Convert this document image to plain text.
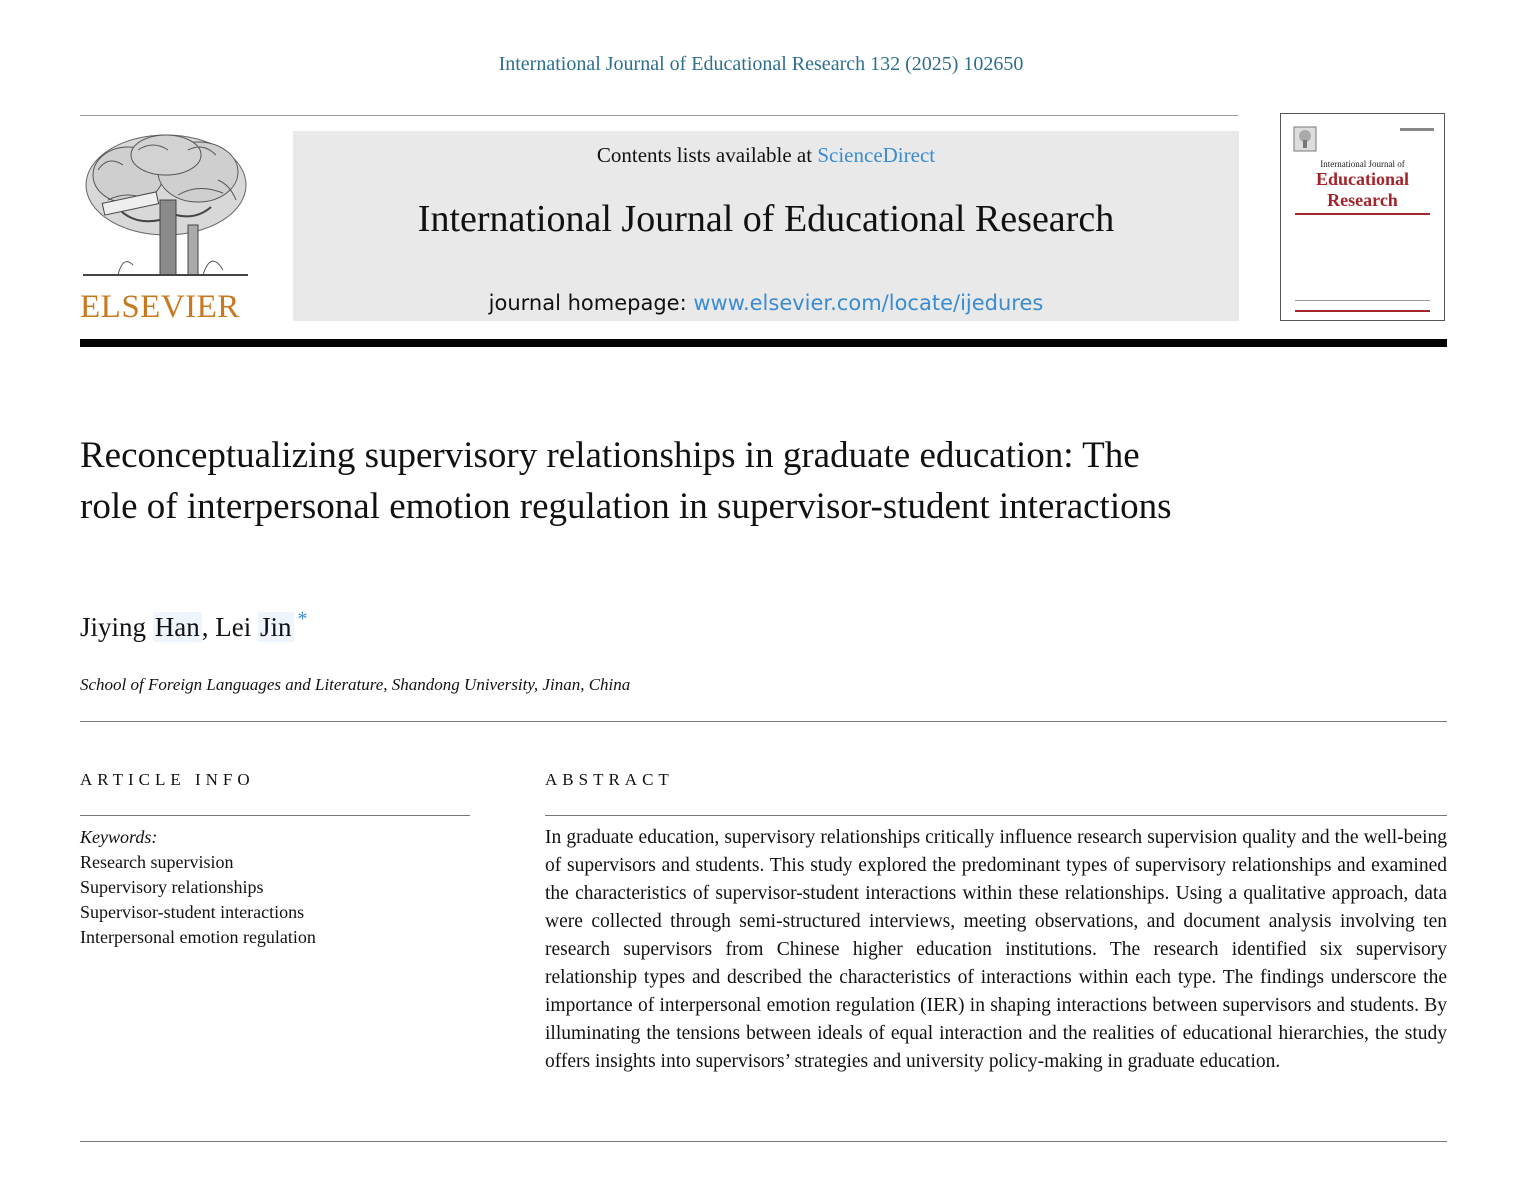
International Journal of Educational Research 132 (2025) 102650
ELSEVIER
Contents lists available at ScienceDirect
International Journal of Educational Research
journal homepage: www.elsevier.com/locate/ijedures
International Journal of
Educational
Research
Reconceptualizing supervisory relationships in graduate education: The role of interpersonal emotion regulation in supervisor-student interactions
Jiying Han, Lei Jin *
School of Foreign Languages and Literature, Shandong University, Jinan, China
ARTICLE INFO	ABSTRACT
Keywords:
Research supervision
Supervisory relationships
Supervisor-student interactions
Interpersonal emotion regulation

In graduate education, supervisory relationships critically influence research supervision quality and the well-being of supervisors and students. This study explored the predominant types of supervisory relationships and examined the characteristics of supervisor-student interactions within these relationships. Using a qualitative approach, data were collected through semi-structured interviews, meeting observations, and document analysis involving ten research supervisors from Chinese higher education institutions. The research identified six supervisory relationship types and described the characteristics of interactions within each type. The findings underscore the importance of interpersonal emotion regulation (IER) in shaping interactions between supervisors and students. By illuminating the tensions between ideals of equal interaction and the realities of educational hierarchies, the study offers insights into supervisors’ strategies and university policy-making in graduate education.
